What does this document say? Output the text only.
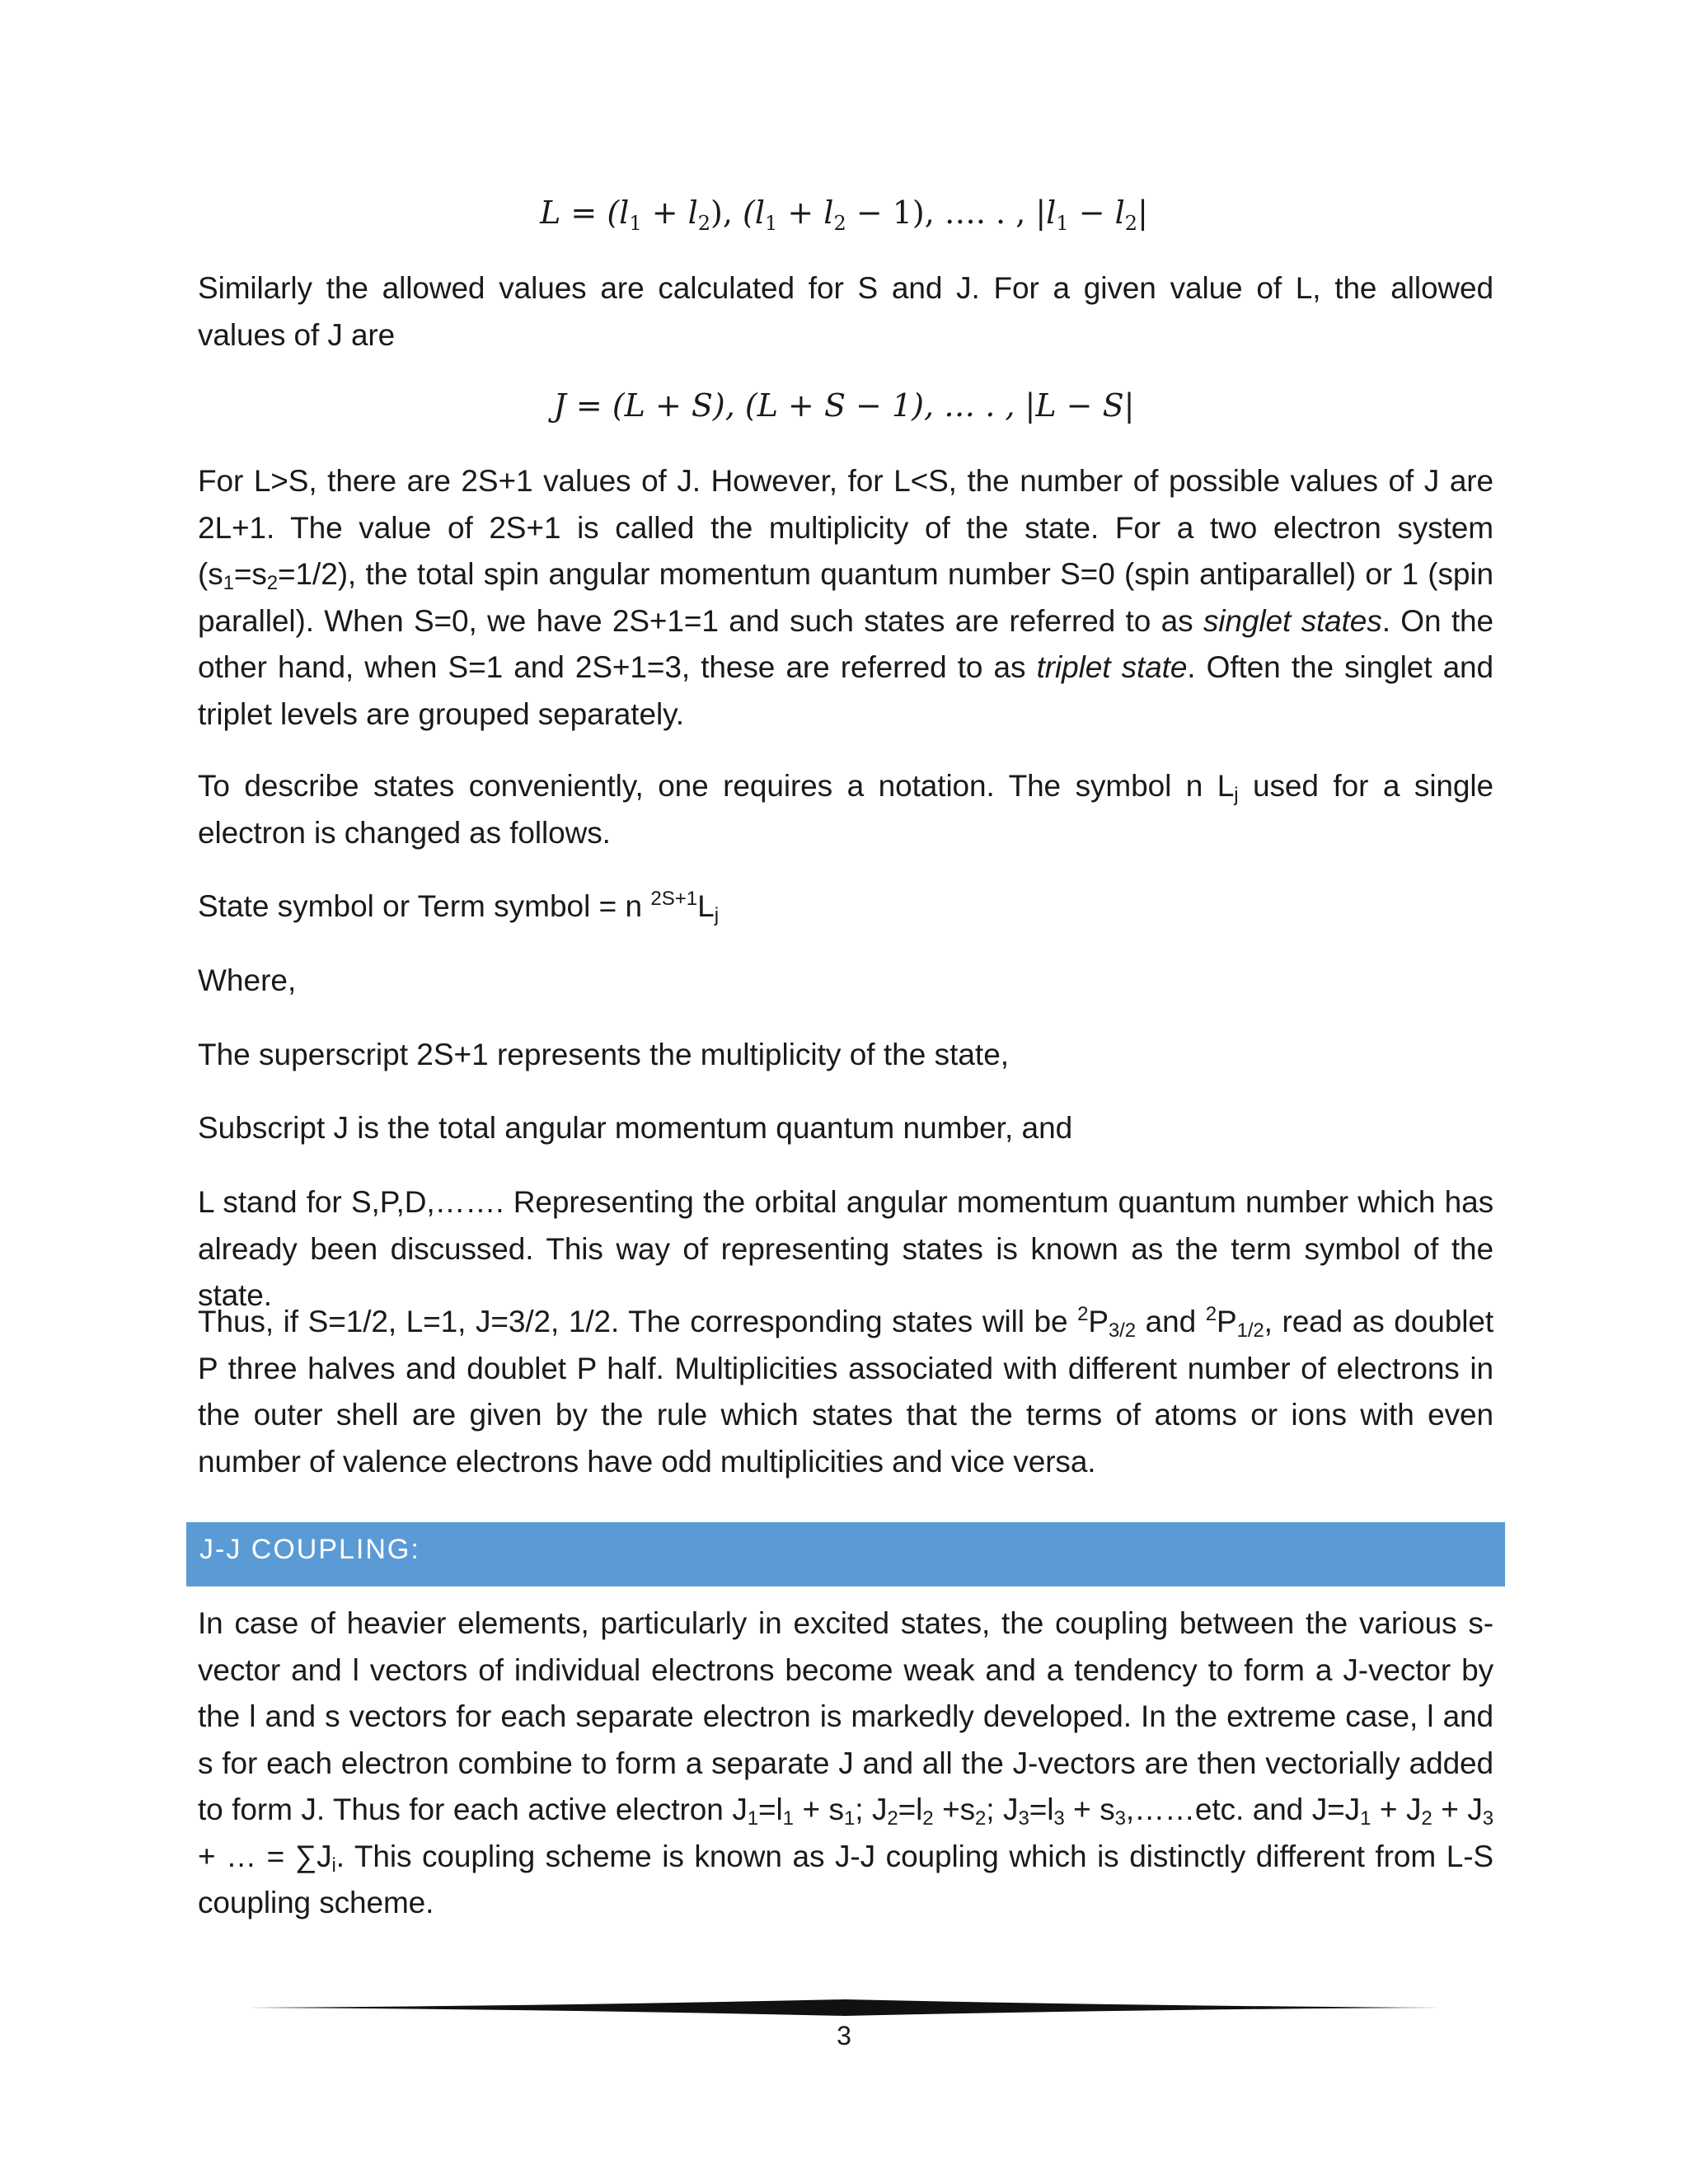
$L = (l_1 + l_2)$, $(l_1 + l_2 - 1)$, …. . , $|l_1 - l_2|$

Similarly the allowed values are calculated for S and J. For a given value of L, the allowed values of J are

J = (L + S), (L + S − 1), … . , |L − S|

For L>S, there are 2S+1 values of J. However, for L<S, the number of possible values of J are 2L+1. The value of 2S+1 is called the multiplicity of the state. For a two electron system $(s_1=s_2=1/2)$, the total spin angular momentum quantum number S=0 (spin antiparallel) or 1 (spin parallel). When S=0, we have 2S+1=1 and such states are referred to as singlet states. On the other hand, when S=1 and 2S+1=3, these are referred to as triplet state. Often the singlet and triplet levels are grouped separately.

To describe states conveniently, one requires a notation. The symbol n $L_j$ used for a single electron is changed as follows.

State symbol or Term symbol = n $^{2S+1}L_j$

Where,

The superscript 2S+1 represents the multiplicity of the state,

Subscript J is the total angular momentum quantum number, and

L stand for S,P,D,……. Representing the orbital angular momentum quantum number which has already been discussed. This way of representing states is known as the term symbol of the state.

Thus, if S=1/2, L=1, J=3/2, 1/2. The corresponding states will be $^2P_{3/2}$ and $^2P_{1/2}$, read as doublet P three halves and doublet P half. Multiplicities associated with different number of electrons in the outer shell are given by the rule which states that the terms of atoms or ions with even number of valence electrons have odd multiplicities and vice versa.

J-J COUPLING:

In case of heavier elements, particularly in excited states, the coupling between the various s-vector and l vectors of individual electrons become weak and a tendency to form a J-vector by the l and s vectors for each separate electron is markedly developed. In the extreme case, l and s for each electron combine to form a separate J and all the J-vectors are then vectorially added to form J. Thus for each active electron $J_1=l_1 + s_1$; $J_2=l_2 +s_2$; $J_3=l_3$ + $s_3,\dots\dots etc$. and $J=J_1 + J_2 + J_3$ + … = $\sum J_i$. This coupling scheme is known as J-J coupling which is distinctly different from L-S coupling scheme.

3
